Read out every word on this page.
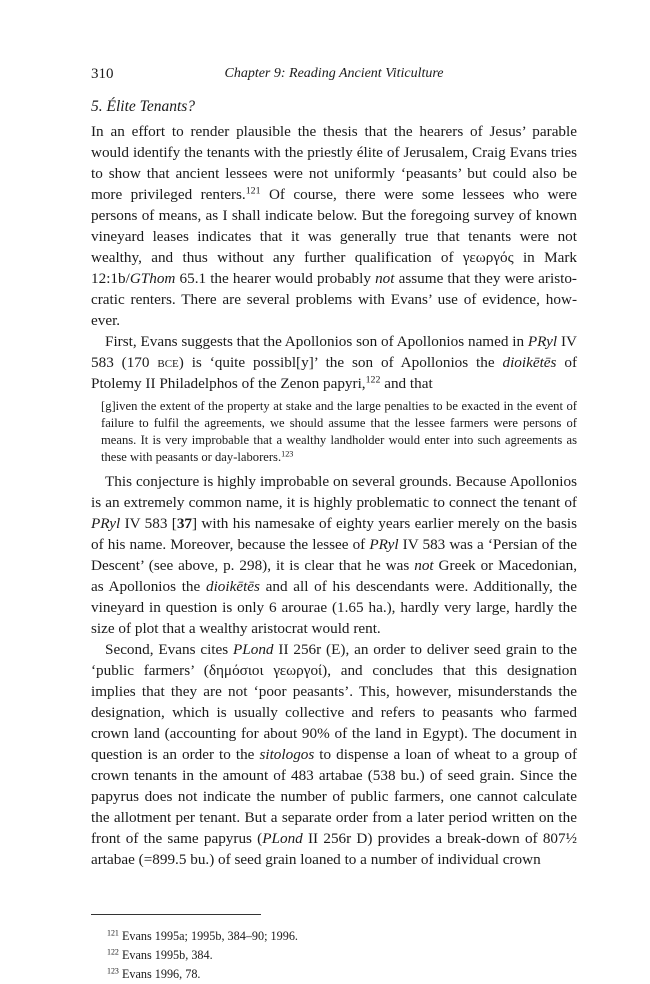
310	Chapter 9: Reading Ancient Viticulture
5. Élite Tenants?

In an effort to render plausible the thesis that the hearers of Jesus’ parable would identify the tenants with the priestly élite of Jerusalem, Craig Evans tries to show that ancient lessees were not uniformly ‘peasants’ but could also be more privileged renters.$^{121}$ Of course, there were some lessees who were persons of means, as I shall indicate below. But the foregoing survey of known vineyard leases indicates that it was generally true that tenants were not wealthy, and thus without any further qualification of γεωργός in Mark 12:1b/GThom 65.1 the hearer would probably not assume that they were aristocratic renters. There are several problems with Evans’ use of evidence, however.

First, Evans suggests that the Apollonios son of Apollonios named in PRyl IV 583 (170 bce) is ‘quite possibl[y]’ the son of Apollonios the dioikētēs of Ptolemy II Philadelphos of the Zenon papyri,$^{122}$ and that

[g]iven the extent of the property at stake and the large penalties to be exacted in the event of failure to fulfil the agreements, we should assume that the lessee farmers were persons of means. It is very improbable that a wealthy landholder would enter into such agreements as these with peasants or day-laborers.$^{123}$

This conjecture is highly improbable on several grounds. Because Apollonios is an extremely common name, it is highly problematic to connect the tenant of PRyl IV 583 [37] with his namesake of eighty years earlier merely on the basis of his name. Moreover, because the lessee of PRyl IV 583 was a ‘Persian of the Descent’ (see above, p. 298), it is clear that he was not Greek or Macedonian, as Apollonios the dioikētēs and all of his descendants were. Additionally, the vineyard in question is only 6 arourae (1.65 ha.), hardly very large, hardly the size of plot that a wealthy aristocrat would rent.

Second, Evans cites PLond II 256r (E), an order to deliver seed grain to the ‘public farmers’ (δημόσιοι γεωργοί), and concludes that this designation implies that they are not ‘poor peasants’. This, however, misunderstands the designation, which is usually collective and refers to peasants who farmed crown land (accounting for about 90% of the land in Egypt). The document in question is an order to the sitologos to dispense a loan of wheat to a group of crown tenants in the amount of 483 artabae (538 bu.) of seed grain. Since the papyrus does not indicate the number of public farmers, one cannot calculate the allotment per tenant. But a separate order from a later period written on the front of the same papyrus (PLond II 256r D) provides a break-down of 807½ artabae (=899.5 bu.) of seed grain loaned to a number of individual crown

$^{121}$ Evans 1995a; 1995b, 384–90; 1996.
$^{122}$ Evans 1995b, 384.
$^{123}$ Evans 1996, 78.
